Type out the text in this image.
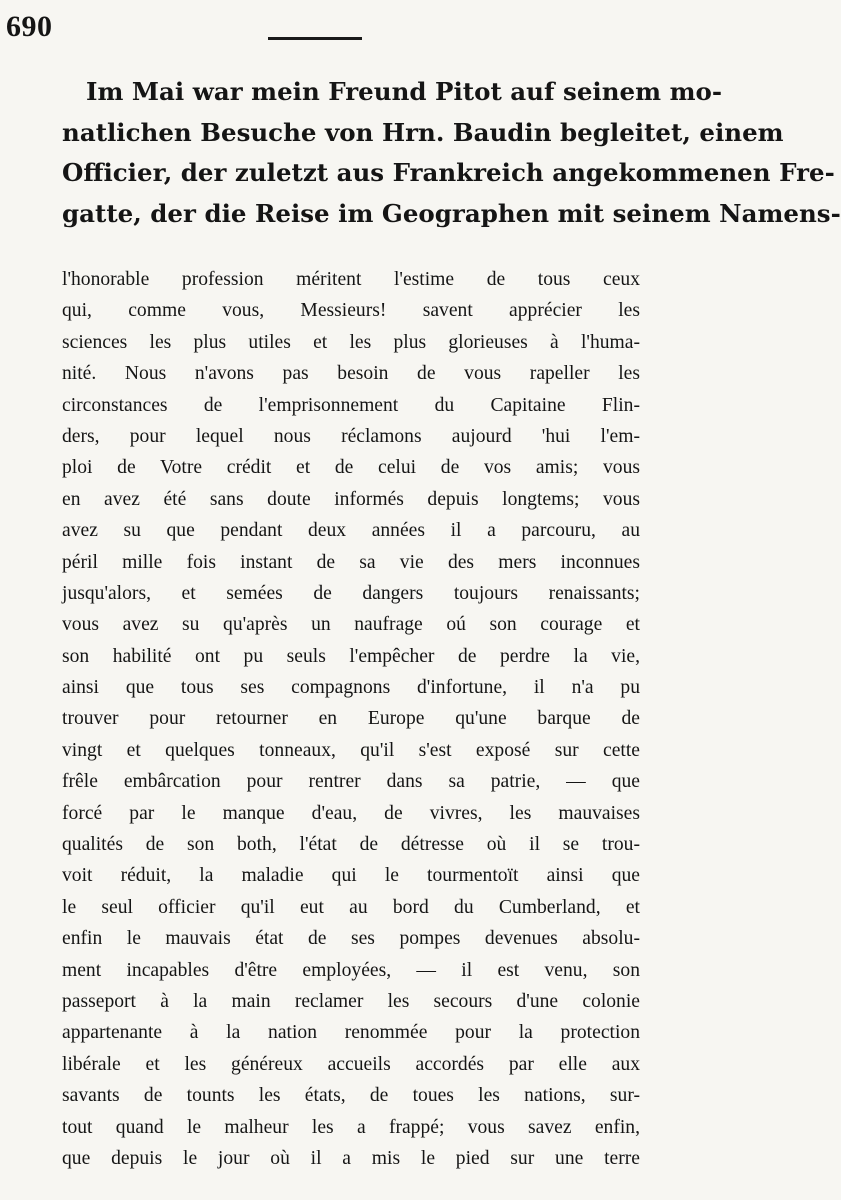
690
Im Mai war mein Freund Pitot auf seinem mo-
natlichen Besuche von Hrn. Baudin begleitet, einem
Officier, der zuletzt aus Frankreich angekommenen Fre-
gatte, der die Reise im Geographen mit seinem Namens-
l'honorable profession méritent l'estime de tous ceux
qui, comme vous, Messieurs! savent apprécier les
sciences les plus utiles et les plus glorieuses à l'huma-
nité. Nous n'avons pas besoin de vous rapeller les
circonstances de l'emprisonnement du Capitaine Flin-
ders, pour lequel nous réclamons aujourd 'hui l'em-
ploi de Votre crédit et de celui de vos amis; vous
en avez été sans doute informés depuis longtems; vous
avez su que pendant deux années il a parcouru, au
péril mille fois instant de sa vie des mers inconnues
jusqu'alors, et semées de dangers toujours renaissants;
vous avez su qu'après un naufrage oú son courage et
son habilité ont pu seuls l'empêcher de perdre la vie,
ainsi que tous ses compagnons d'infortune, il n'a pu
trouver pour retourner en Europe qu'une barque de
vingt et quelques tonneaux, qu'il s'est exposé sur cette
frêle embârcation pour rentrer dans sa patrie, — que
forcé par le manque d'eau, de vivres, les mauvaises
qualités de son both, l'état de détresse où il se trou-
voit réduit, la maladie qui le tourmentoït ainsi que
le seul officier qu'il eut au bord du Cumberland, et
enfin le mauvais état de ses pompes devenues absolu-
ment incapables d'être employées, — il est venu, son
passeport à la main reclamer les secours d'une colonie
appartenante à la nation renommée pour la protection
libérale et les généreux accueils accordés par elle aux
savants de tounts les états, de toues les nations, sur-
tout quand le malheur les a frappé; vous savez enfin,
que depuis le jour où il a mis le pied sur une terre
